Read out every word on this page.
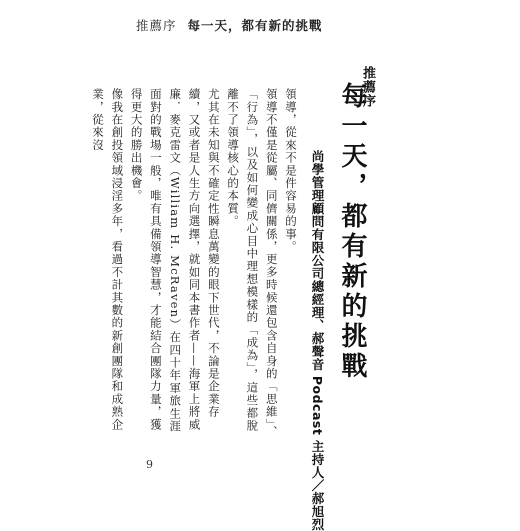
推薦序 每一天，都有新的挑戰
推薦序
每一天，都有新的挑戰
尚學管理顧問有限公司總經理、郝聲音 Podcast 主持人／郝旭烈
領導，從來不是件容易的事。
領導不僅是從屬、同儕關係，更多時候還包含自身的「思維」、「行為」，以及如何變成心目中理想模樣的「成為」，這些都脫離不了領導核心的本質。
尤其在未知與不確定性瞬息萬變的眼下世代，不論是企業存續，又或者是人生方向選擇，就如同本書作者——海軍上將威廉．麥克雷文（William H. McRaven）在四十年軍旅生涯面對的戰場一般，唯有具備領導智慧，才能結合團隊力量，獲得更大的勝出機會。
像我在創投領域浸淫多年，看過不計其數的新創團隊和成熟企業，從來沒
9
